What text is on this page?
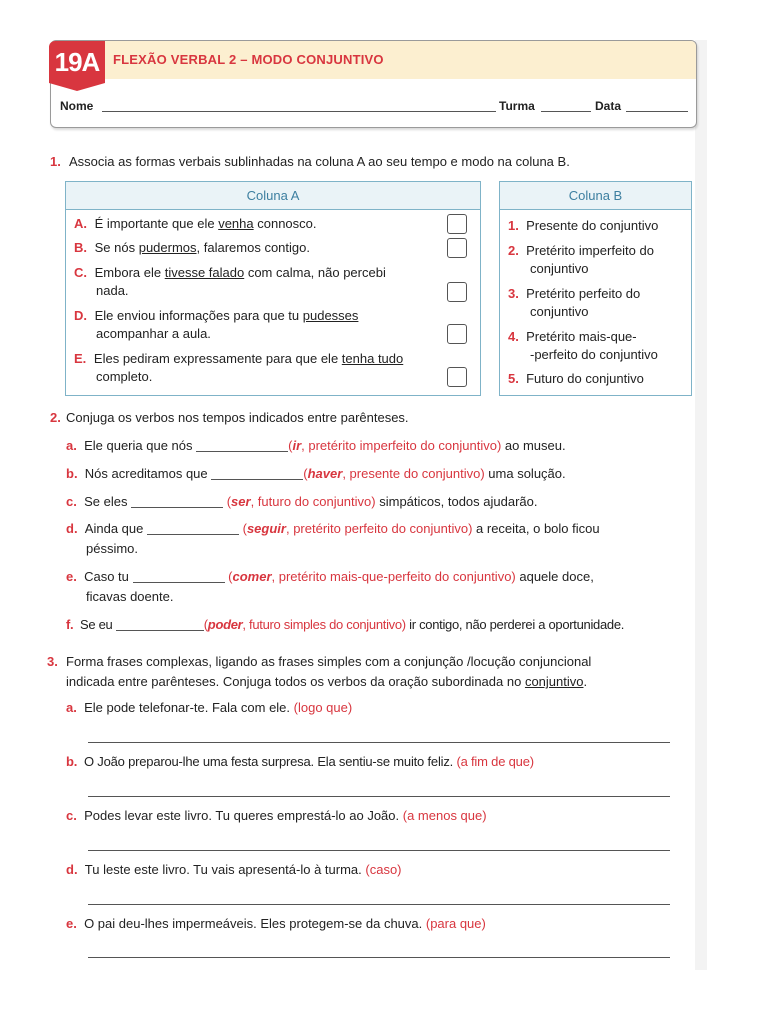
19A	FLEXÃO VERBAL 2 – MODO CONJUNTIVO
Nome	Turma	Data
1. Associa as formas verbais sublinhadas na coluna A ao seu tempo e modo na coluna B.
Coluna A	Coluna B
A. É importante que ele venha connosco.
B. Se nós pudermos, falaremos contigo.
C. Embora ele tivesse falado com calma, não percebi
nada.
D. Ele enviou informações para que tu pudesses
acompanhar a aula.
E. Eles pediram expressamente para que ele tenha tudo
completo.
1. Presente do conjuntivo
2. Pretérito imperfeito do
conjuntivo
3. Pretérito perfeito do
conjuntivo
4. Pretérito mais-que-
-perfeito do conjuntivo
5. Futuro do conjuntivo
2. Conjuga os verbos nos tempos indicados entre parênteses.
a. Ele queria que nós	(ir, pretérito imperfeito do conjuntivo) ao museu.
b. Nós acreditamos que	(haver, presente do conjuntivo) uma solução.
c. Se eles	(ser, futuro do conjuntivo) simpáticos, todos ajudarão.
d. Ainda que	(seguir, pretérito perfeito do conjuntivo) a receita, o bolo ficou
péssimo.
e. Caso tu	(comer, pretérito mais-que-perfeito do conjuntivo) aquele doce,
ficavas doente.
f. Se eu	(poder, futuro simples do conjuntivo) ir contigo, não perderei a oportunidade.
3. Forma frases complexas, ligando as frases simples com a conjunção /locução conjuncional
indicada entre parênteses. Conjuga todos os verbos da oração subordinada no conjuntivo.
a. Ele pode telefonar-te. Fala com ele. (logo que)
b. O João preparou-lhe uma festa surpresa. Ela sentiu-se muito feliz. (a fim de que)
c. Podes levar este livro. Tu queres emprestá-lo ao João. (a menos que)
d. Tu leste este livro. Tu vais apresentá-lo à turma. (caso)
e. O pai deu-lhes impermeáveis. Eles protegem-se da chuva. (para que)
